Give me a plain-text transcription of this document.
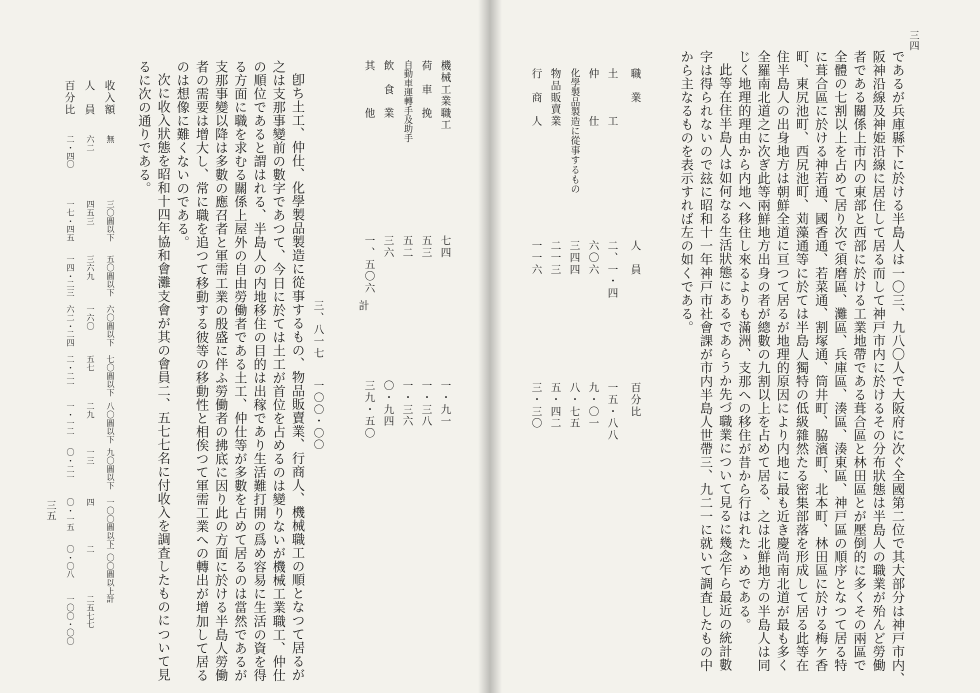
三五
機械工業職工
七四
一・九一
荷　車　挽
五三
一・三八
自動車運轉手及助手
五二
一・三六
飲　食　業
三六
〇・九四
其　　　他
一、五〇六
三九・五〇
計
三、八一七
一〇〇・〇〇
卽ち土工、仲仕、化學製品製造に從事するもの、物品販賣業、行商人、機械職工の順となつて居るが
之は支那事變前の數字であつて、今日に於ては土工が首位を占めるのは變りないが機械工業職工、仲仕
の順位であると謂はれる、半島人の内地移住の目的は出稼であり生活難打開の爲め容易に生活の資を得
る方面に職を求むる關係上屋外の自由勞働者である土工、仲仕等が多數を占めて居るのは當然であるが
支那事變以降は多數の應召者と軍需工業の殷盛に伴ふ勞働者の拂底に因り此の方面に於ける半島人勞働
者の需要は增大し、常に職を追つて移動する彼等の移動性と相俟つて軍需工業への轉出が增加して居る
のは想像に難くないのである。
次に收入狀態を昭和十四年協和會灘支會が其の會員二、五七七名に付收入を調査したものについて見
るに次の通りである。
收入額
人　員
百分比
無
三〇圓以下
五〇圓以下
六〇圓以下
七〇圓以下
八〇圓以下
九〇圓以下
一〇〇圓以下
一〇〇圓以上
計
六二
四五三
三六九
一六〇
五七
二九
一三
四
二
二五七七
二・四〇
一七・四五
一四・二三
六二・二四
二・二一
一・一二
〇・二一
〇・一五
〇・〇八
一〇〇・〇〇
三四
であるが兵庫縣下に於ける半島人は一〇三、九八〇人で大阪府に次ぐ全國第二位で其大部分は神戸市内、
阪神沿線及神姫沿線に居住して居る而して神戸市内に於けるその分布狀態は半島人の職業が殆んど勞働
者である關係上市内の東部と西部に於ける工業地帶である葺合區と林田區とが壓倒的に多くその兩區で
全體の七割以上を占めて居り次で須磨區、灘區、兵庫區、湊區、湊東區、神戸區の順序となつて居る特
に葺合區に於ける神若通、國香通、若菜通、割塚通、筒井町、脇濱町、北本町、林田區に於ける梅ケ香
町、東尻池町、西尻池町、苅藻通等に於ては半島人獨特の低級雜然たる密集部落を形成して居る此等在
住半島人の出身地方は朝鮮全道に亘つて居るが地理的原因により内地に最も近き慶尚南北道が最も多く
全羅南北道之に次ぎ此等兩鮮地方出身の者が總數の九割以上を占めて居る、之は北鮮地方の半島人は同
じく地理的理由から内地へ移住し來るよりも滿洲、支那への移住が昔から行はれたゝめである。
此等在住半島人は如何なる生活狀態にあるであらうか先づ職業について見るに幾念乍ら最近の統計數
字は得られないので玆に昭和十一年神戸市社會課が市内半島人世帶三、九二一に就いて調査したもの中
から主なるものを表示すれば左の如くである。
職　業
人　員
百分比
土　　　工
二、一・四
一五・八八
仲　　　仕
六〇六
九・〇一
化學製品製造に從事するもの
三四四
八・七五
物品販賣業
二一三
五・四二
行　商　人
一一六
三・三〇
